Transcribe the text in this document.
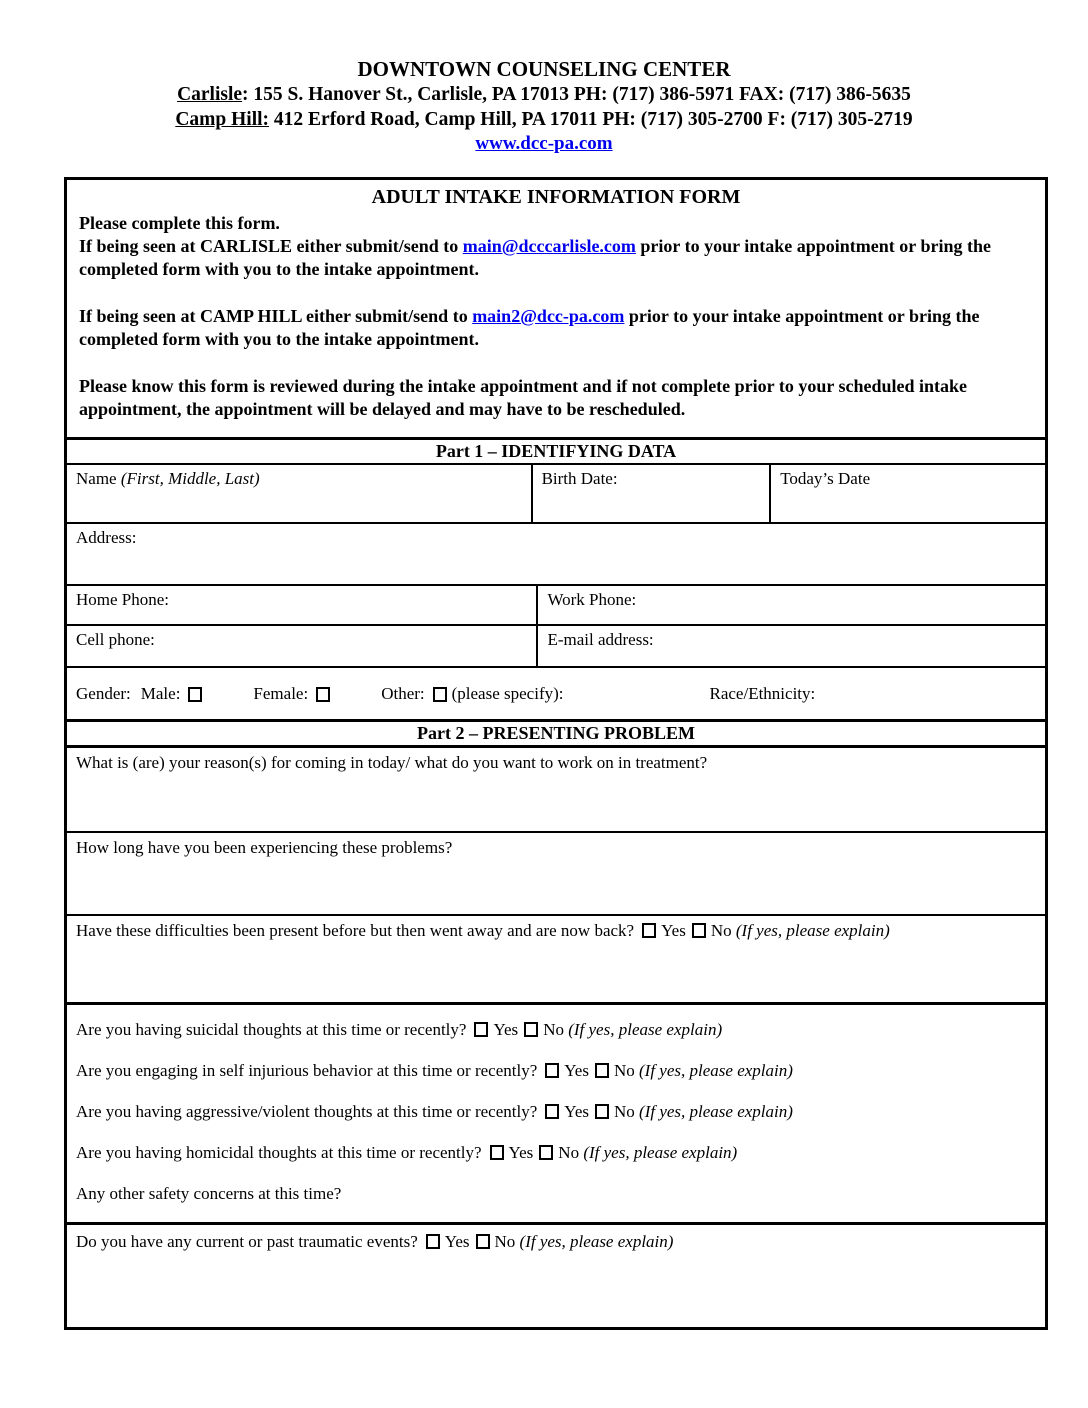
DOWNTOWN COUNSELING CENTER
Carlisle: 155 S. Hanover St., Carlisle, PA 17013 PH: (717) 386-5971 FAX: (717) 386-5635
Camp Hill: 412 Erford Road, Camp Hill, PA 17011 PH: (717) 305-2700 F: (717) 305-2719
www.dcc-pa.com
ADULT INTAKE INFORMATION FORM

Please complete this form.

If being seen at CARLISLE either submit/send to main@dcccarlisle.com prior to your intake appointment or bring the completed form with you to the intake appointment.

If being seen at CAMP HILL either submit/send to main2@dcc-pa.com prior to your intake appointment or bring the completed form with you to the intake appointment.

Please know this form is reviewed during the intake appointment and if not complete prior to your scheduled intake appointment, the appointment will be delayed and may have to be rescheduled.

Part 1 – IDENTIFYING DATA
Name (First, Middle, Last)	Birth Date:	Today’s Date
Address:
Home Phone:	Work Phone:
Cell phone:	E-mail address:
Gender: Male:	Female:	Other: (please specify):	Race/Ethnicity:
Part 2 – PRESENTING PROBLEM
What is (are) your reason(s) for coming in today/ what do you want to work on in treatment?
How long have you been experiencing these problems?
Have these difficulties been present before but then went away and are now back? Yes No (If yes, please explain)

Are you having suicidal thoughts at this time or recently? Yes No (If yes, please explain)

Are you engaging in self injurious behavior at this time or recently? Yes No (If yes, please explain)

Are you having aggressive/violent thoughts at this time or recently? Yes No (If yes, please explain)

Are you having homicidal thoughts at this time or recently? Yes No (If yes, please explain)

Any other safety concerns at this time?

Do you have any current or past traumatic events? Yes No (If yes, please explain)
